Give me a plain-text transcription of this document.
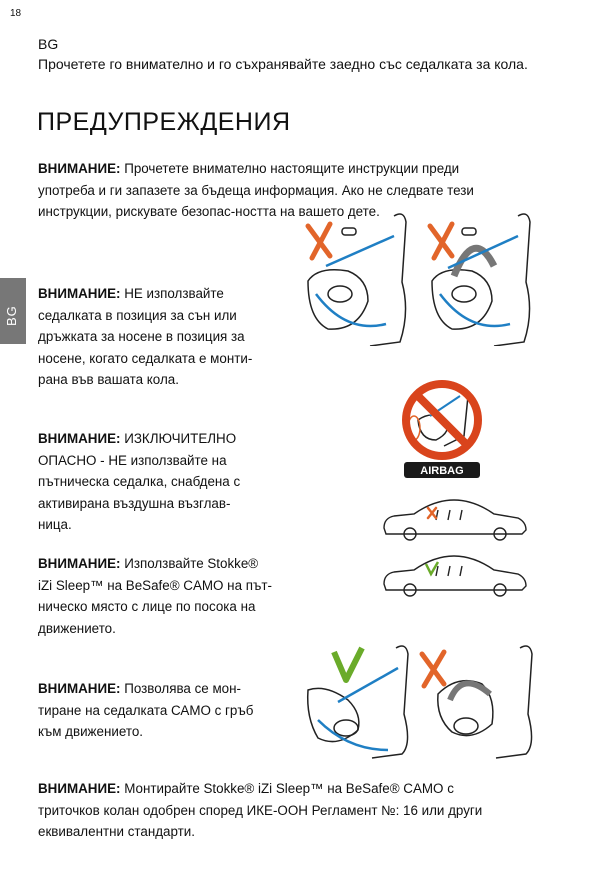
18
BG
BG
Прочетете го внимателно и го съхранявайте заедно със седалката за кола.
ПРЕДУПРЕЖДЕНИЯ
ВНИМАНИЕ: Прочетете внимателно настоящите инструкции преди употреба и ги запазете за бъдеща информация. Ако не следвате тези инструкции, рискувате безопас-ността на вашето дете.
ВНИМАНИЕ: НЕ използвайте седалката в позиция за сън или дръжката за носене в позиция за носене, когато седалката е монти-рана във вашата кола.
ВНИМАНИЕ: ИЗКЛЮЧИТЕЛНО ОПАСНО - НЕ използвайте на пътническа седалка, снабдена с активирана въздушна възглав-ница.
ВНИМАНИЕ: Използвайте Stokke® iZi Sleep™ на BeSafe® CAMO на път-ническо място с лице по посока на движението.
ВНИМАНИЕ: Позволява се мон-тиране на седалката САМО с гръб към движението.
ВНИМАНИЕ: Монтирайте Stokke® iZi Sleep™ на BeSafe® CAMO с триточков колан одобрен според ИКЕ-ООН Регламент №: 16 или други еквивалентни стандарти.
AIRBAG
